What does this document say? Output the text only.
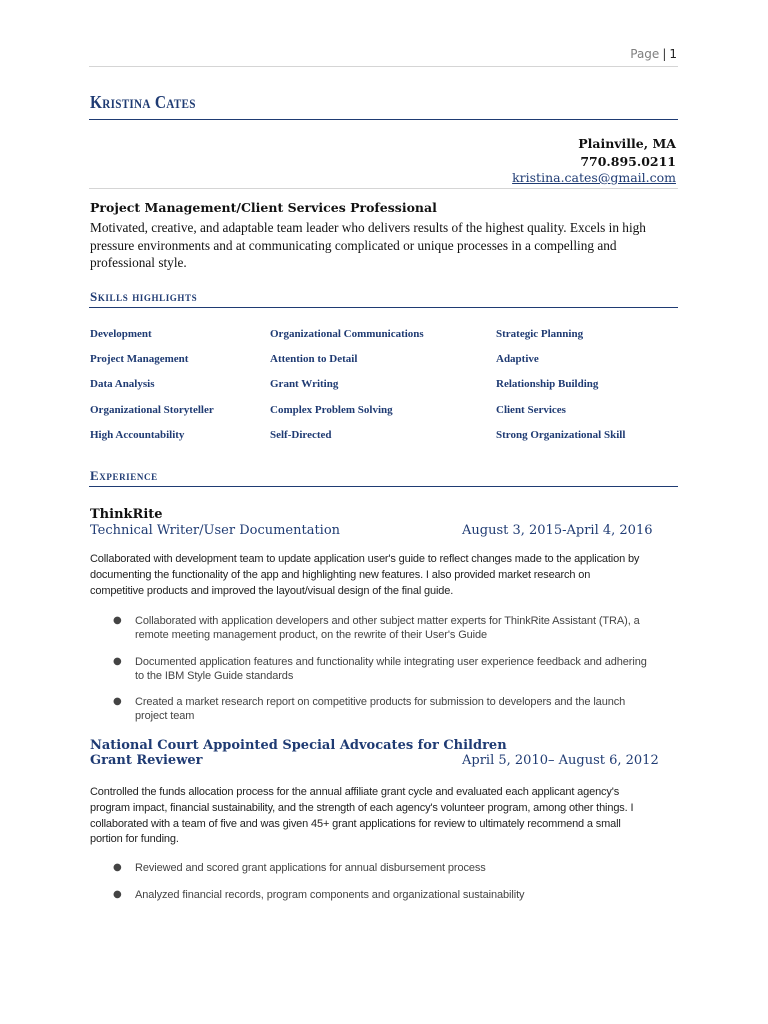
Page | 1
Kristina Cates
Plainville, MA
770.895.0211
kristina.cates@gmail.com
Project Management/Client Services Professional
Motivated, creative, and adaptable team leader who delivers results of the highest quality. Excels in high
pressure environments and at communicating complicated or unique processes in a compelling and
professional style.
Skills highlights
Development	Organizational Communications	Strategic Planning
Project Management	Attention to Detail	Adaptive
Data Analysis	Grant Writing	Relationship Building
Organizational Storyteller	Complex Problem Solving	Client Services
High Accountability	Self-Directed	Strong Organizational Skill
Experience
ThinkRite
Technical Writer/User Documentation	August 3, 2015-April 4, 2016
Collaborated with development team to update application user's guide to reflect changes made to the application by
documenting the functionality of the app and highlighting new features. I also provided market research on
competitive products and improved the layout/visual design of the final guide.
● Collaborated with application developers and other subject matter experts for ThinkRite Assistant (TRA), a
remote meeting management product, on the rewrite of their User's Guide
● Documented application features and functionality while integrating user experience feedback and adhering
to the IBM Style Guide standards
● Created a market research report on competitive products for submission to developers and the launch
project team
National Court Appointed Special Advocates for Children
Grant Reviewer	April 5, 2010– August 6, 2012
Controlled the funds allocation process for the annual affiliate grant cycle and evaluated each applicant agency's
program impact, financial sustainability, and the strength of each agency's volunteer program, among other things. I
collaborated with a team of five and was given 45+ grant applications for review to ultimately recommend a small
portion for funding.
● Reviewed and scored grant applications for annual disbursement process
● Analyzed financial records, program components and organizational sustainability
